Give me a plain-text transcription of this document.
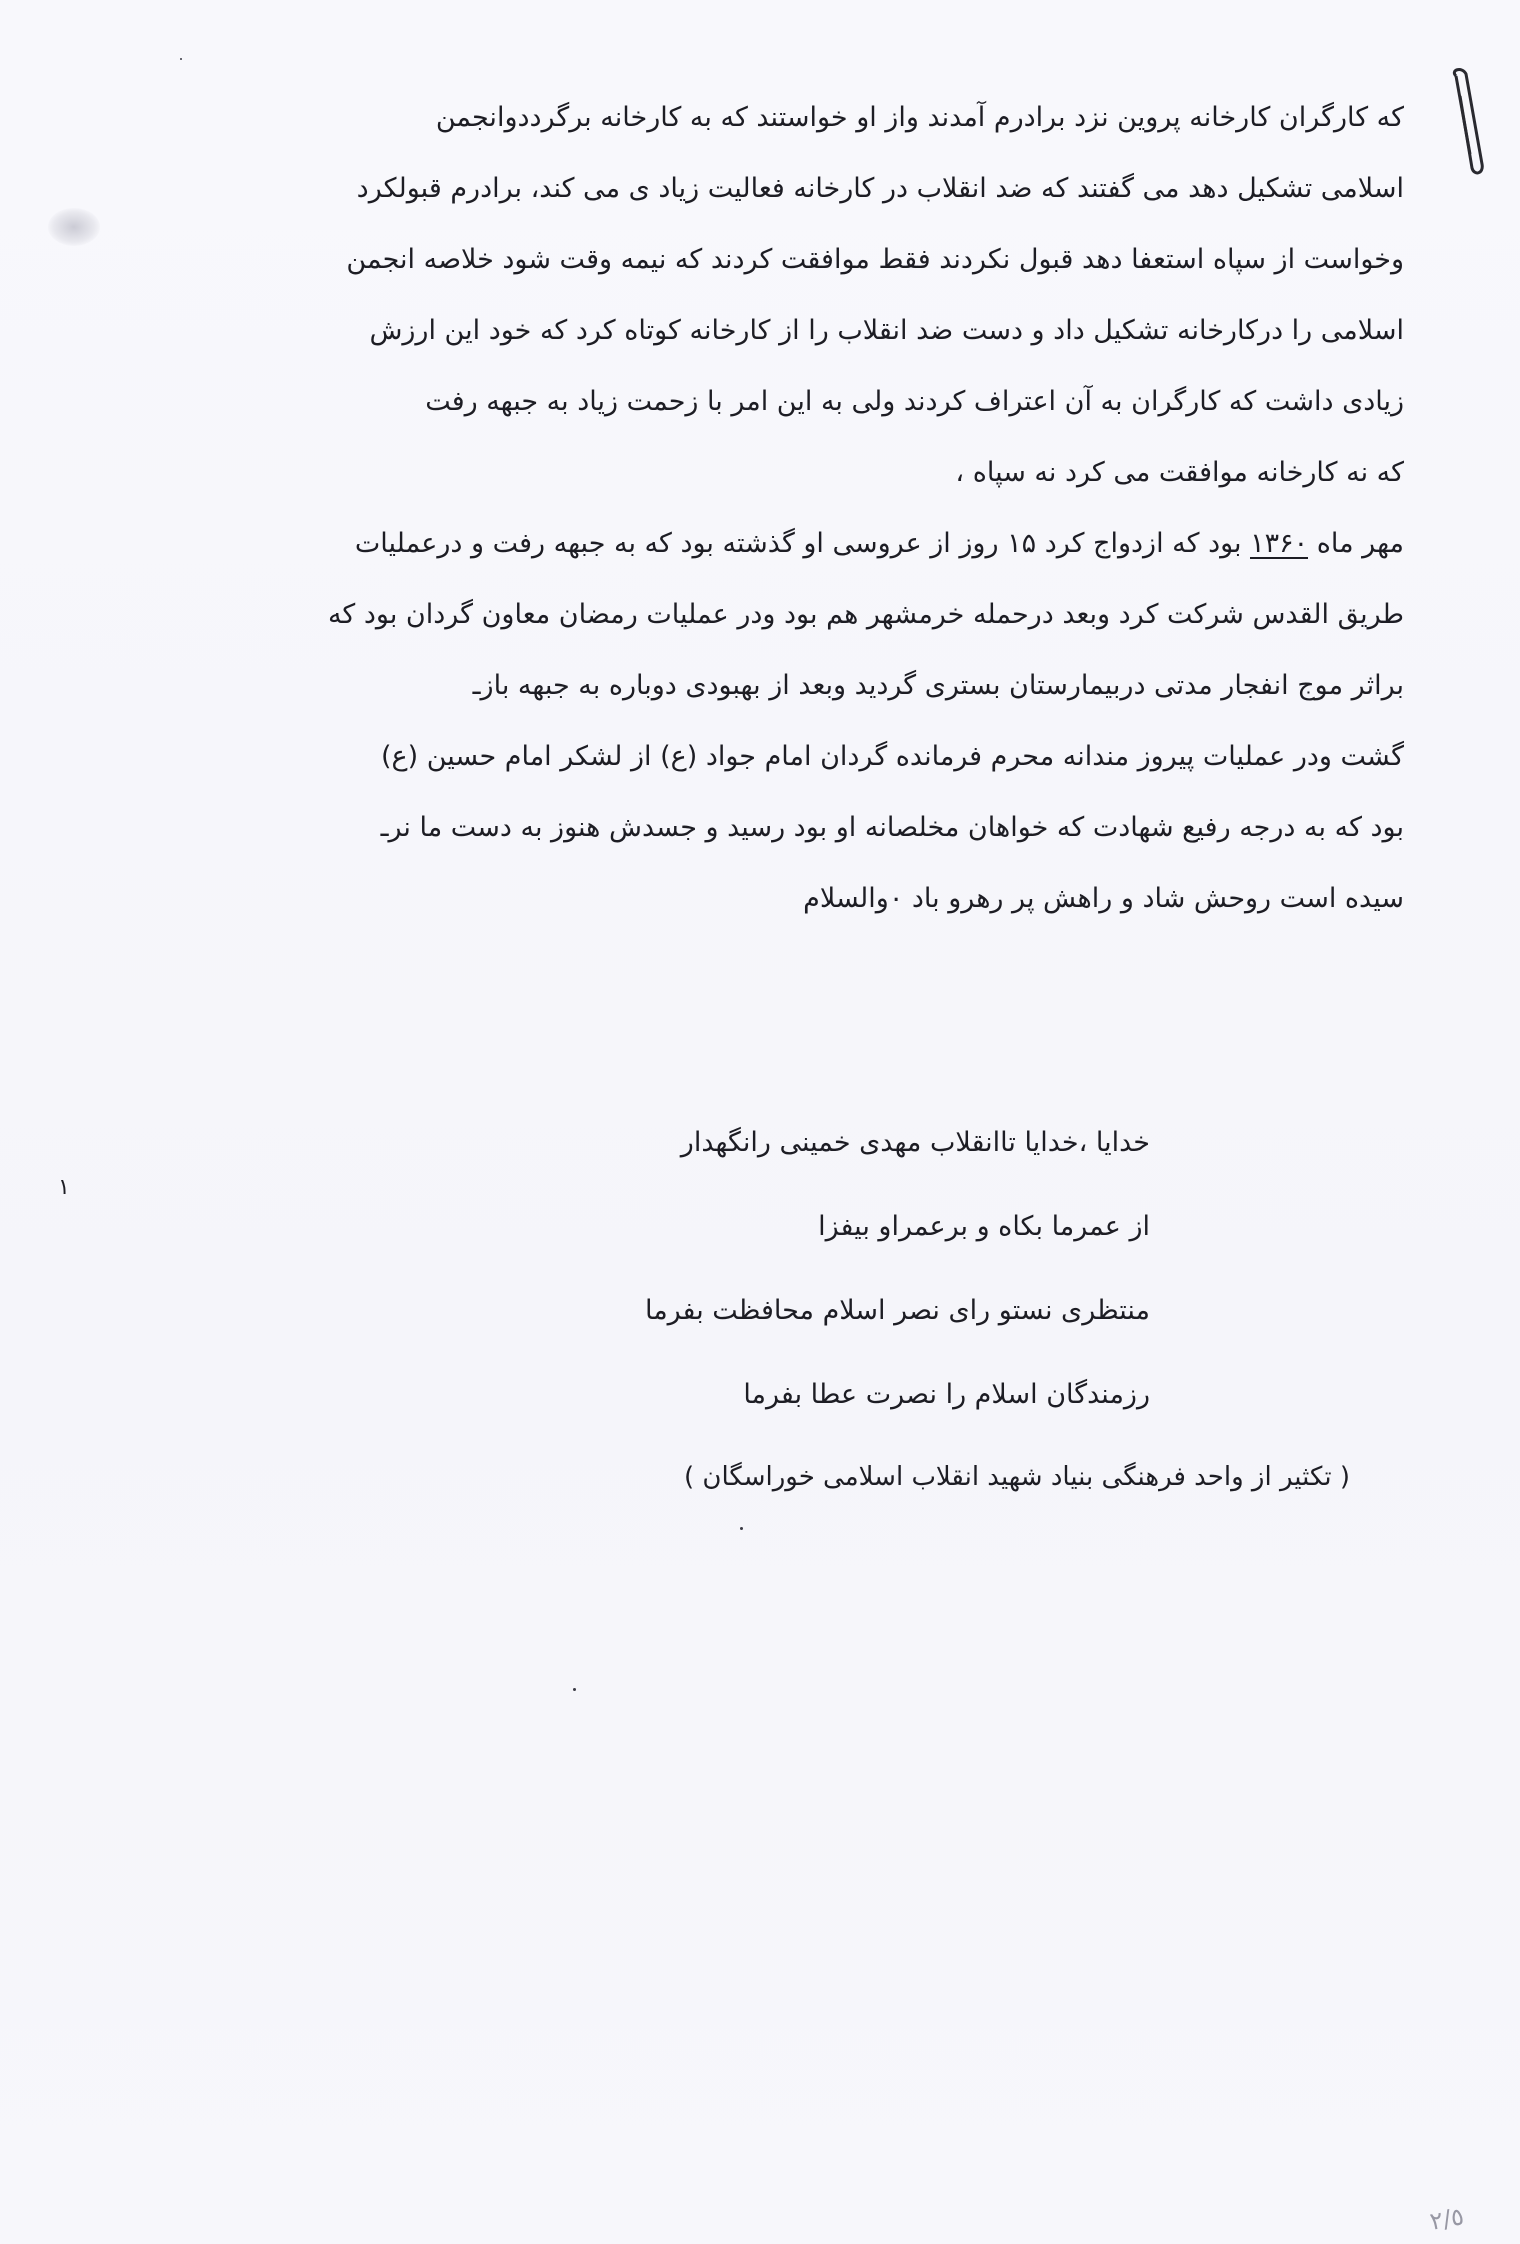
که کارگران کارخانه پروین نزد برادرم آمدند واز او خواستند که به کارخانه برگرددوانجمن
اسلامی تشکیل دهد می گفتند که ضد انقلاب در کارخانه فعالیت زیاد ی می کند، برادرم قبولکرد
وخواست از سپاه استعفا دهد قبول نکردند فقط موافقت کردند که نیمه وقت شود خلاصه انجمن
اسلامی را درکارخانه تشکیل داد و دست ضد انقلاب را از کارخانه کوتاه کرد که خود این ارزش
زیادی داشت که کارگران به آن اعتراف کردند ولی به این امر با زحمت زیاد به جبهه رفت
که نه کارخانه موافقت می کرد نه سپاه ،
مهر ماه ۱۳۶۰ بود که ازدواج کرد ۱۵ روز از عروسی او گذشته بود که به جبهه رفت و درعملیات
طریق القدس شرکت کرد وبعد درحمله خرمشهر هم بود ودر عملیات رمضان معاون گردان بود که
براثر موج انفجار مدتی دربیمارستان بستری گردید وبعد از بهبودی دوباره به جبهه بازـ
گشت ودر عملیات پیروز مندانه محرم فرمانده گردان امام جواد (ع) از لشکر امام حسین (ع)
بود که به درجه رفیع شهادت که خواهان مخلصانه او بود رسید و جسدش هنوز به دست ما نرـ
سیده است روحش شاد و راهش پر رهرو باد ٠والسلام
خدایا ،خدایا تاانقلاب مهدی خمینی رانگهدار
از عمرما بکاه و برعمراو بیفزا
منتظری نستو رای نصر اسلام محافظت بفرما
رزمندگان اسلام را نصرت عطا بفرما
( تکثیر از واحد فرهنگی بنیاد شهید انقلاب اسلامی خوراسگان )
١
٢/٥
